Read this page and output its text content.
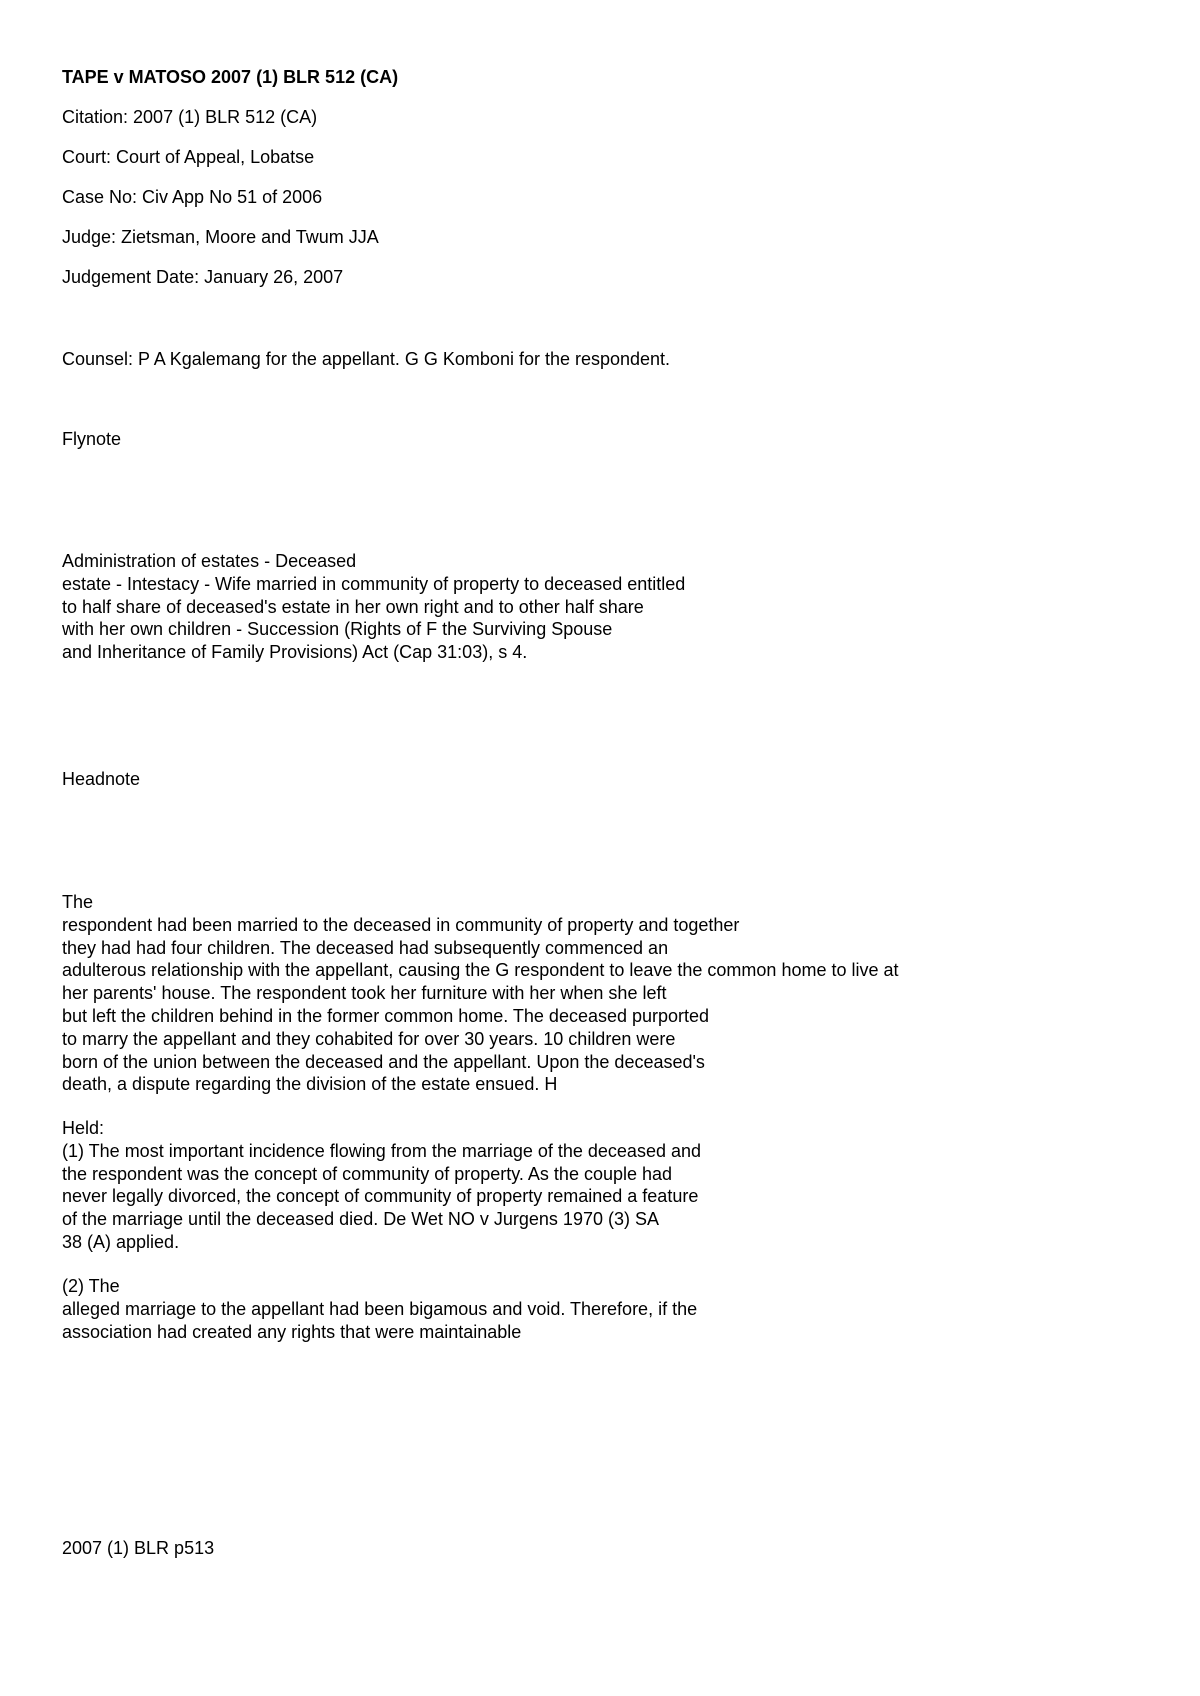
TAPE v MATOSO 2007 (1) BLR 512 (CA)
Citation: 2007 (1) BLR 512 (CA)
Court: Court of Appeal, Lobatse
Case No: Civ App No 51 of 2006
Judge: Zietsman, Moore and Twum JJA
Judgement Date: January 26, 2007
Counsel: P A Kgalemang for the appellant. G G Komboni for the respondent.
Flynote
Administration of estates - Deceased
estate - Intestacy - Wife married in community of property to deceased entitled
to half share of deceased's estate in her own right and to other half share
with her own children - Succession (Rights of F the Surviving Spouse
and Inheritance of Family Provisions) Act (Cap 31:03), s 4.
Headnote
The
respondent had been married to the deceased in community of property and together
they had had four children. The deceased had subsequently commenced an
adulterous relationship with the appellant, causing the G respondent to leave the common home to live at
her parents' house. The respondent took her furniture with her when she left
but left the children behind in the former common home. The deceased purported
to marry the appellant and they cohabited for over 30 years. 10 children were
born of the union between the deceased and the appellant. Upon the deceased's
death, a dispute regarding the division of the estate ensued. H
Held:
(1) The most important incidence flowing from the marriage of the deceased and
the respondent was the concept of community of property. As the couple had
never legally divorced, the concept of community of property remained a feature
of the marriage until the deceased died. De Wet NO v Jurgens 1970 (3) SA
38 (A) applied.
(2) The
alleged marriage to the appellant had been bigamous and void. Therefore, if the
association had created any rights that were maintainable
2007 (1) BLR p513
